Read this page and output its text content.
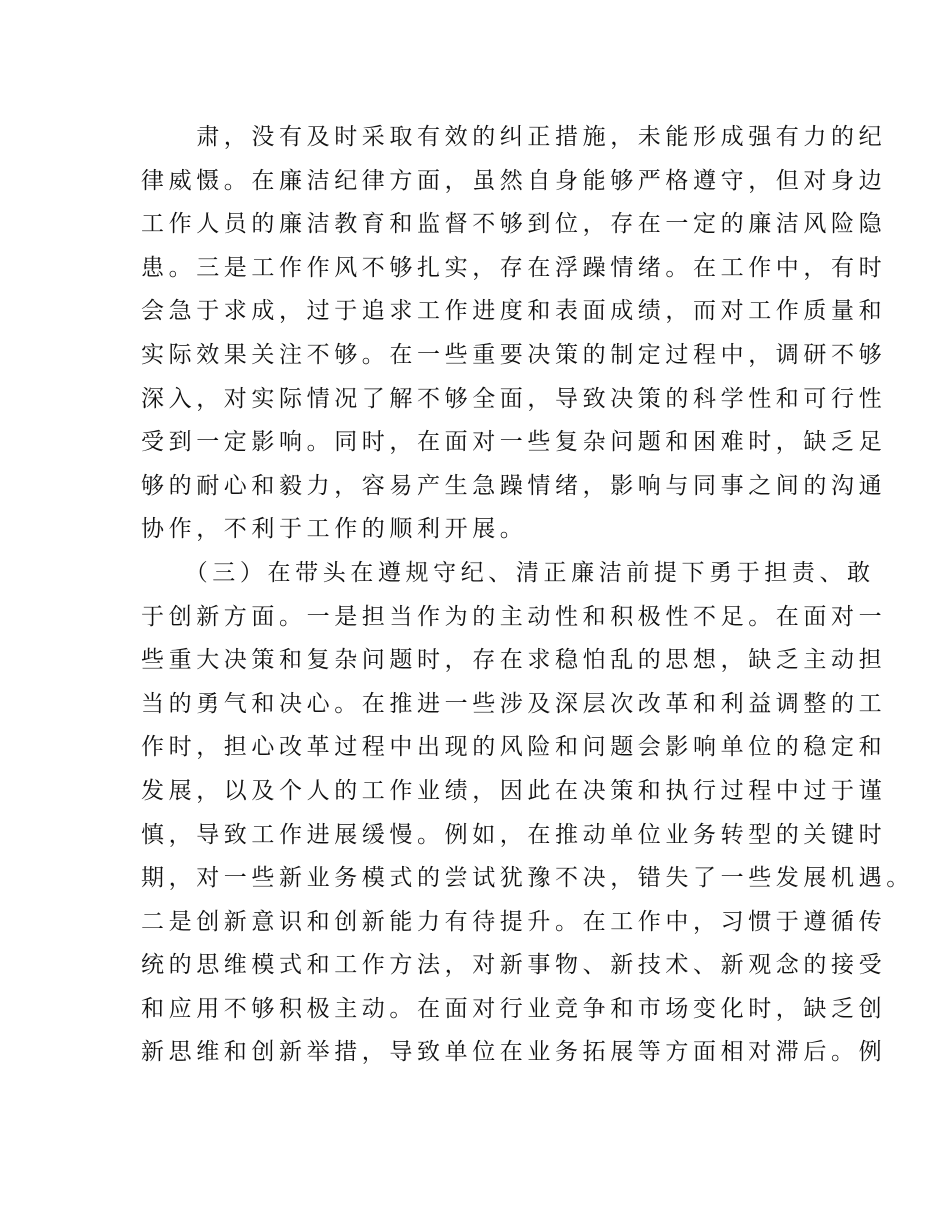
　　肃，没有及时采取有效的纠正措施，未能形成强有力的纪
律威慑。在廉洁纪律方面，虽然自身能够严格遵守，但对身边
工作人员的廉洁教育和监督不够到位，存在一定的廉洁风险隐
患。三是工作作风不够扎实，存在浮躁情绪。在工作中，有时
会急于求成，过于追求工作进度和表面成绩，而对工作质量和
实际效果关注不够。在一些重要决策的制定过程中，调研不够
深入，对实际情况了解不够全面，导致决策的科学性和可行性
受到一定影响。同时，在面对一些复杂问题和困难时，缺乏足
够的耐心和毅力，容易产生急躁情绪，影响与同事之间的沟通
协作，不利于工作的顺利开展。
　　（三）在带头在遵规守纪、清正廉洁前提下勇于担责、敢
于创新方面。一是担当作为的主动性和积极性不足。在面对一
些重大决策和复杂问题时，存在求稳怕乱的思想，缺乏主动担
当的勇气和决心。在推进一些涉及深层次改革和利益调整的工
作时，担心改革过程中出现的风险和问题会影响单位的稳定和
发展，以及个人的工作业绩，因此在决策和执行过程中过于谨
慎，导致工作进展缓慢。例如，在推动单位业务转型的关键时
期，对一些新业务模式的尝试犹豫不决，错失了一些发展机遇。
二是创新意识和创新能力有待提升。在工作中，习惯于遵循传
统的思维模式和工作方法，对新事物、新技术、新观念的接受
和应用不够积极主动。在面对行业竞争和市场变化时，缺乏创
新思维和创新举措，导致单位在业务拓展等方面相对滞后。例
